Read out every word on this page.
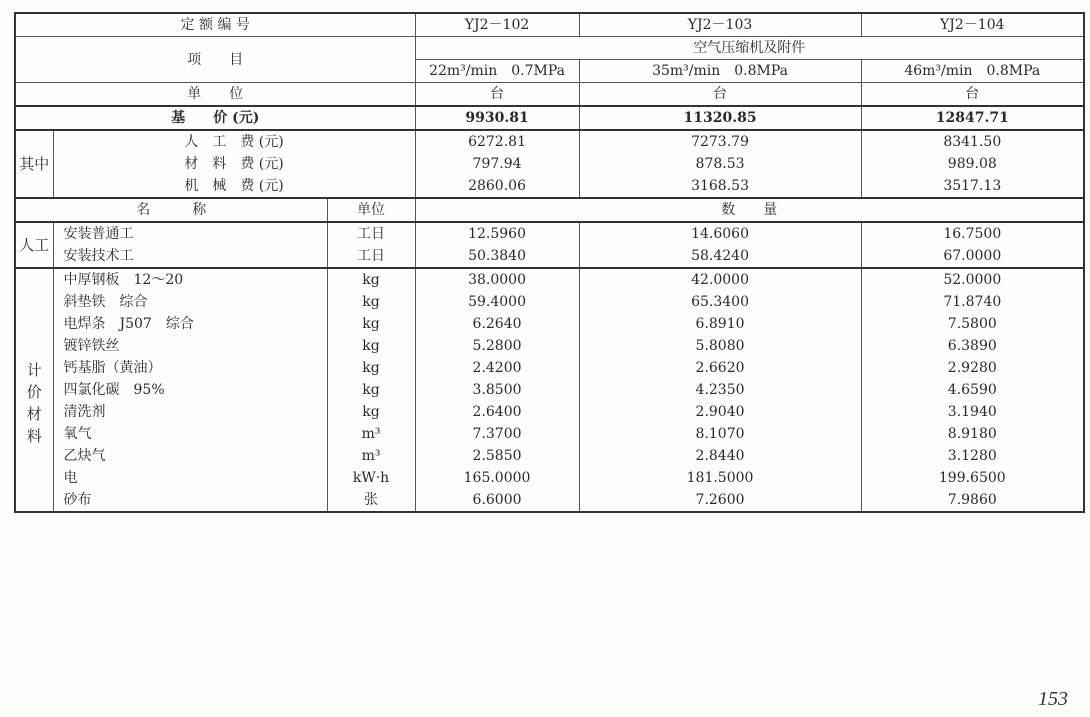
定 额 编 号			YJ2－102	YJ2－103	YJ2－104
项　　目			空气压缩机及附件		
			22m³/min　0.7MPa	35m³/min　0.8MPa	46m³/min　0.8MPa
单　　位			台	台	台
基　　价 (元)			9930.81	11320.85	12847.71
其中	人　工　费 (元)		6272.81	7273.79	8341.50
	材　料　费 (元)		797.94	878.53	989.08
	机　械　费 (元)		2860.06	3168.53	3517.13
名　　　称		单位	数　　量		
人工	安装普通工	工日	12.5960	14.6060	16.7500
	安装技术工	工日	50.3840	58.4240	67.0000
计价材料	中厚钢板　12～20	kg	38.0000	42.0000	52.0000
	斜垫铁　综合	kg	59.4000	65.3400	71.8740
	电焊条　J507　综合	kg	6.2640	6.8910	7.5800
	镀锌铁丝	kg	5.2800	5.8080	6.3890
	钙基脂（黄油）	kg	2.4200	2.6620	2.9280
	四氯化碳　95%	kg	3.8500	4.2350	4.6590
	清洗剂	kg	2.6400	2.9040	3.1940
	氧气	m³	7.3700	8.1070	8.9180
	乙炔气	m³	2.5850	2.8440	3.1280
	电	kW·h	165.0000	181.5000	199.6500
	砂布	张	6.6000	7.2600	7.9860
153
